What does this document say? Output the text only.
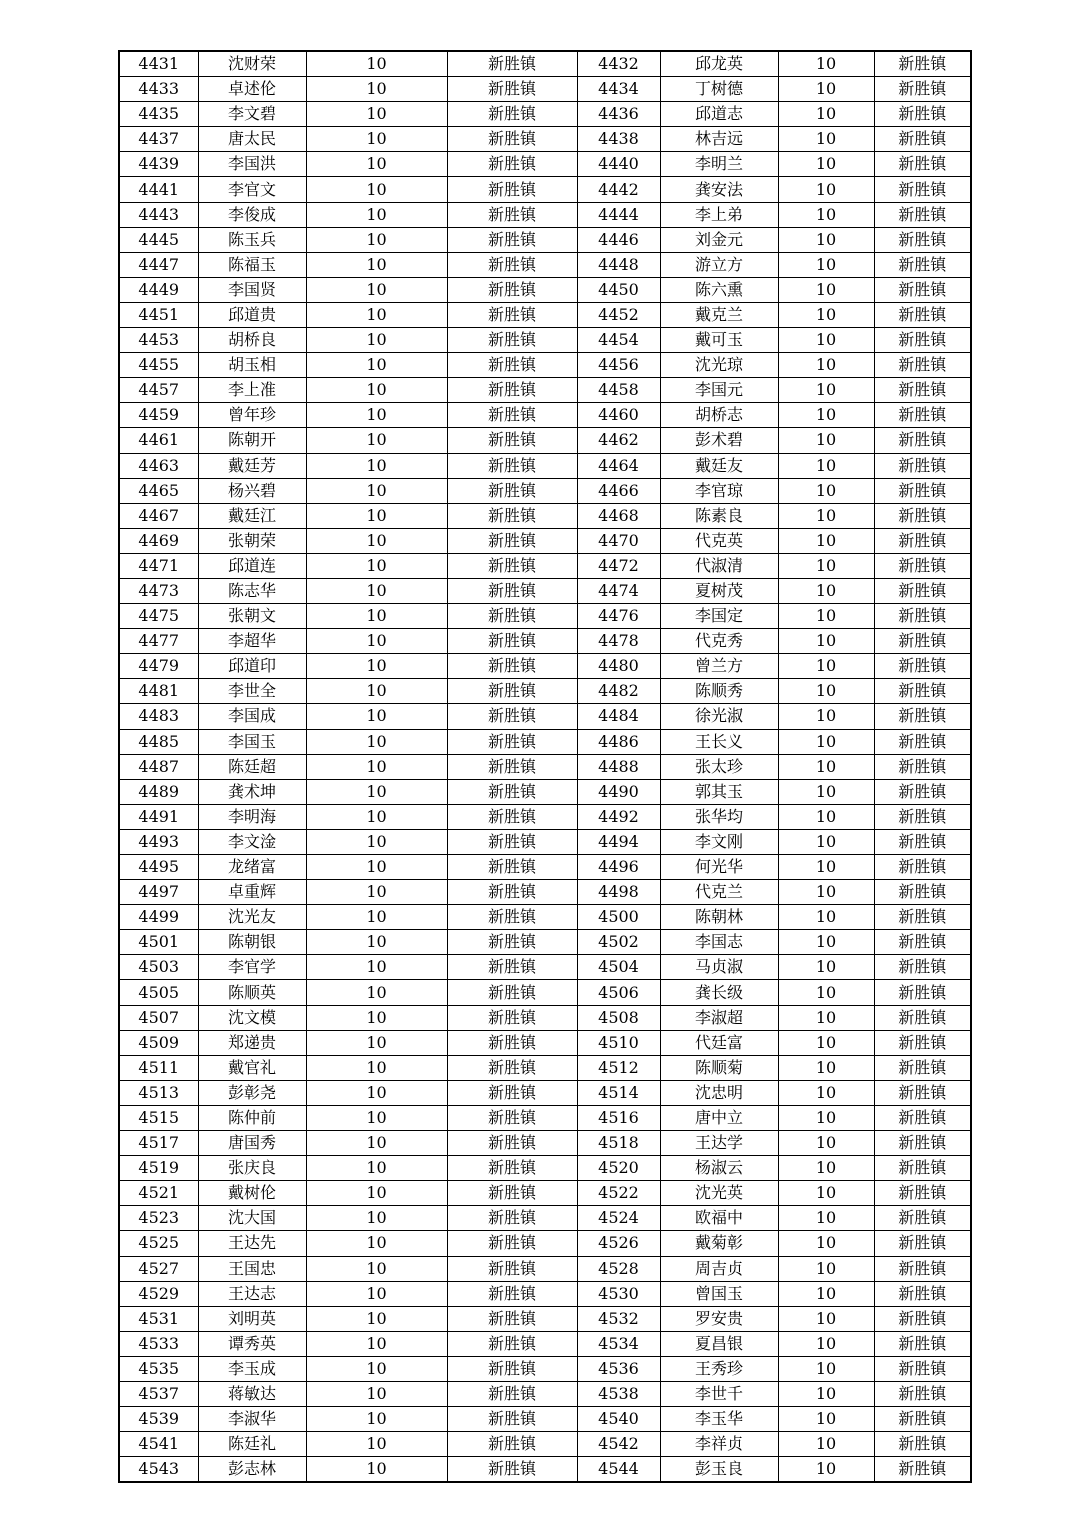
4431	沈财荣	10	新胜镇	4432	邱龙英	10	新胜镇
4433	卓述伦	10	新胜镇	4434	丁树德	10	新胜镇
4435	李文碧	10	新胜镇	4436	邱道志	10	新胜镇
4437	唐太民	10	新胜镇	4438	林吉远	10	新胜镇
4439	李国洪	10	新胜镇	4440	李明兰	10	新胜镇
4441	李官文	10	新胜镇	4442	龚安法	10	新胜镇
4443	李俊成	10	新胜镇	4444	李上弟	10	新胜镇
4445	陈玉兵	10	新胜镇	4446	刘金元	10	新胜镇
4447	陈福玉	10	新胜镇	4448	游立方	10	新胜镇
4449	李国贤	10	新胜镇	4450	陈六熏	10	新胜镇
4451	邱道贵	10	新胜镇	4452	戴克兰	10	新胜镇
4453	胡桥良	10	新胜镇	4454	戴可玉	10	新胜镇
4455	胡玉相	10	新胜镇	4456	沈光琼	10	新胜镇
4457	李上准	10	新胜镇	4458	李国元	10	新胜镇
4459	曾年珍	10	新胜镇	4460	胡桥志	10	新胜镇
4461	陈朝开	10	新胜镇	4462	彭术碧	10	新胜镇
4463	戴廷芳	10	新胜镇	4464	戴廷友	10	新胜镇
4465	杨兴碧	10	新胜镇	4466	李官琼	10	新胜镇
4467	戴廷江	10	新胜镇	4468	陈素良	10	新胜镇
4469	张朝荣	10	新胜镇	4470	代克英	10	新胜镇
4471	邱道连	10	新胜镇	4472	代淑清	10	新胜镇
4473	陈志华	10	新胜镇	4474	夏树茂	10	新胜镇
4475	张朝文	10	新胜镇	4476	李国定	10	新胜镇
4477	李超华	10	新胜镇	4478	代克秀	10	新胜镇
4479	邱道印	10	新胜镇	4480	曾兰方	10	新胜镇
4481	李世全	10	新胜镇	4482	陈顺秀	10	新胜镇
4483	李国成	10	新胜镇	4484	徐光淑	10	新胜镇
4485	李国玉	10	新胜镇	4486	王长义	10	新胜镇
4487	陈廷超	10	新胜镇	4488	张太珍	10	新胜镇
4489	龚术坤	10	新胜镇	4490	郭其玉	10	新胜镇
4491	李明海	10	新胜镇	4492	张华均	10	新胜镇
4493	李文淦	10	新胜镇	4494	李文刚	10	新胜镇
4495	龙绪富	10	新胜镇	4496	何光华	10	新胜镇
4497	卓重辉	10	新胜镇	4498	代克兰	10	新胜镇
4499	沈光友	10	新胜镇	4500	陈朝林	10	新胜镇
4501	陈朝银	10	新胜镇	4502	李国志	10	新胜镇
4503	李官学	10	新胜镇	4504	马贞淑	10	新胜镇
4505	陈顺英	10	新胜镇	4506	龚长级	10	新胜镇
4507	沈文模	10	新胜镇	4508	李淑超	10	新胜镇
4509	郑递贵	10	新胜镇	4510	代廷富	10	新胜镇
4511	戴官礼	10	新胜镇	4512	陈顺菊	10	新胜镇
4513	彭彰尧	10	新胜镇	4514	沈忠明	10	新胜镇
4515	陈仲前	10	新胜镇	4516	唐中立	10	新胜镇
4517	唐国秀	10	新胜镇	4518	王达学	10	新胜镇
4519	张庆良	10	新胜镇	4520	杨淑云	10	新胜镇
4521	戴树伦	10	新胜镇	4522	沈光英	10	新胜镇
4523	沈大国	10	新胜镇	4524	欧福中	10	新胜镇
4525	王达先	10	新胜镇	4526	戴菊彰	10	新胜镇
4527	王国忠	10	新胜镇	4528	周吉贞	10	新胜镇
4529	王达志	10	新胜镇	4530	曾国玉	10	新胜镇
4531	刘明英	10	新胜镇	4532	罗安贵	10	新胜镇
4533	谭秀英	10	新胜镇	4534	夏昌银	10	新胜镇
4535	李玉成	10	新胜镇	4536	王秀珍	10	新胜镇
4537	蒋敏达	10	新胜镇	4538	李世千	10	新胜镇
4539	李淑华	10	新胜镇	4540	李玉华	10	新胜镇
4541	陈廷礼	10	新胜镇	4542	李祥贞	10	新胜镇
4543	彭志林	10	新胜镇	4544	彭玉良	10	新胜镇
